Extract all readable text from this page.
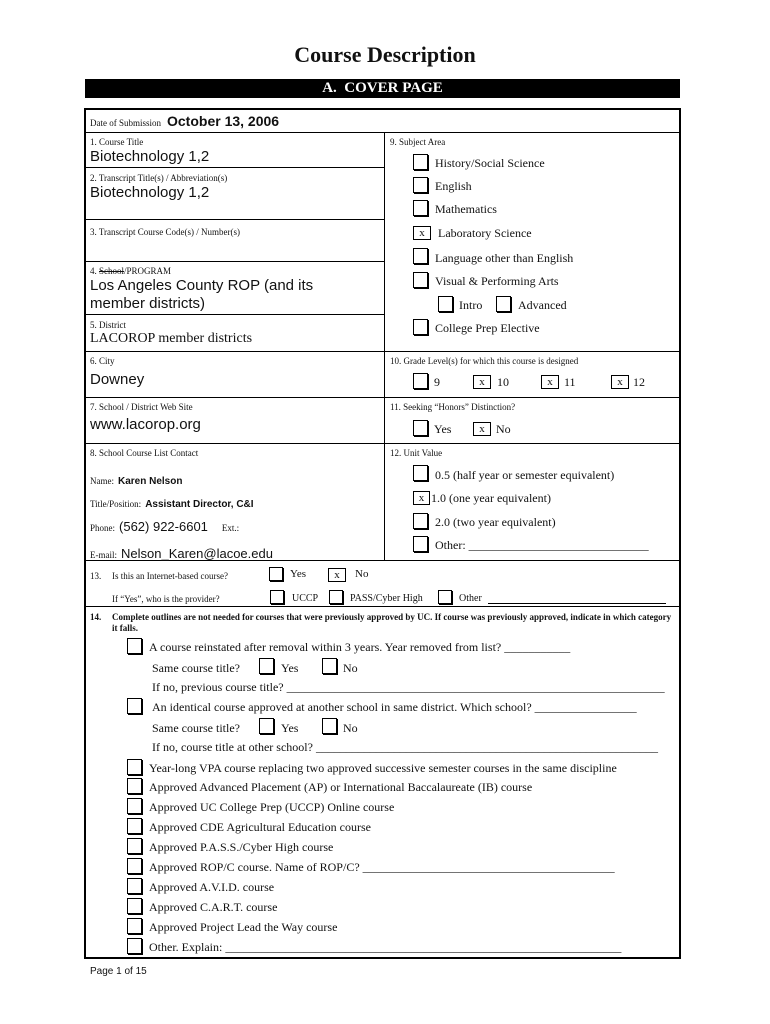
Course Description
A.  COVER PAGE
Date of Submission October 13, 2006
1. Course Title
Biotechnology 1,2
2. Transcript Title(s) / Abbreviation(s)
Biotechnology 1,2
3. Transcript Course Code(s) / Number(s)
4. School/PROGRAM
Los Angeles County ROP (and its
member districts)
5. District
LACOROP member districts
6. City
Downey
7. School / District Web Site
www.lacorop.org
8. School Course List Contact
Name: Karen Nelson
Title/Position: Assistant Director, C&I
Phone: (562) 922-6601 Ext.:
E-mail: Nelson_Karen@lacoe.edu
9. Subject Area
History/Social Science
English
Mathematics
x	Laboratory Science
Language other than English
Visual & Performing Arts
Intro	Advanced
College Prep Elective
10. Grade Level(s) for which this course is designed
9	x	10	x 11	x 12
11. Seeking “Honors” Distinction?
Yes	x No
12. Unit Value
0.5 (half year or semester equivalent)
x 1.0 (one year equivalent)
2.0 (two year equivalent)
Other: ______________________________
13. Is this an Internet-based course?	Yes	x	No
If “Yes”, who is the provider?	UCCP	PASS/Cyber High	Other
14. Complete outlines are not needed for courses that were previously approved by UC. If course was previously approved, indicate in which category it falls.
A course reinstated after removal within 3 years. Year removed from list? ___________
Same course title?	Yes	No
If no, previous course title? _______________________________________________________________
An identical course approved at another school in same district. Which school? _________________
Same course title?	Yes	No
If no, course title at other school? _________________________________________________________
Year-long VPA course replacing two approved successive semester courses in the same discipline
Approved Advanced Placement (AP) or International Baccalaureate (IB) course
Approved UC College Prep (UCCP) Online course
Approved CDE Agricultural Education course
Approved P.A.S.S./Cyber High course
Approved ROP/C course. Name of ROP/C? __________________________________________
Approved A.V.I.D. course
Approved C.A.R.T. course
Approved Project Lead the Way course
Other. Explain: __________________________________________________________________
Page 1 of 15
